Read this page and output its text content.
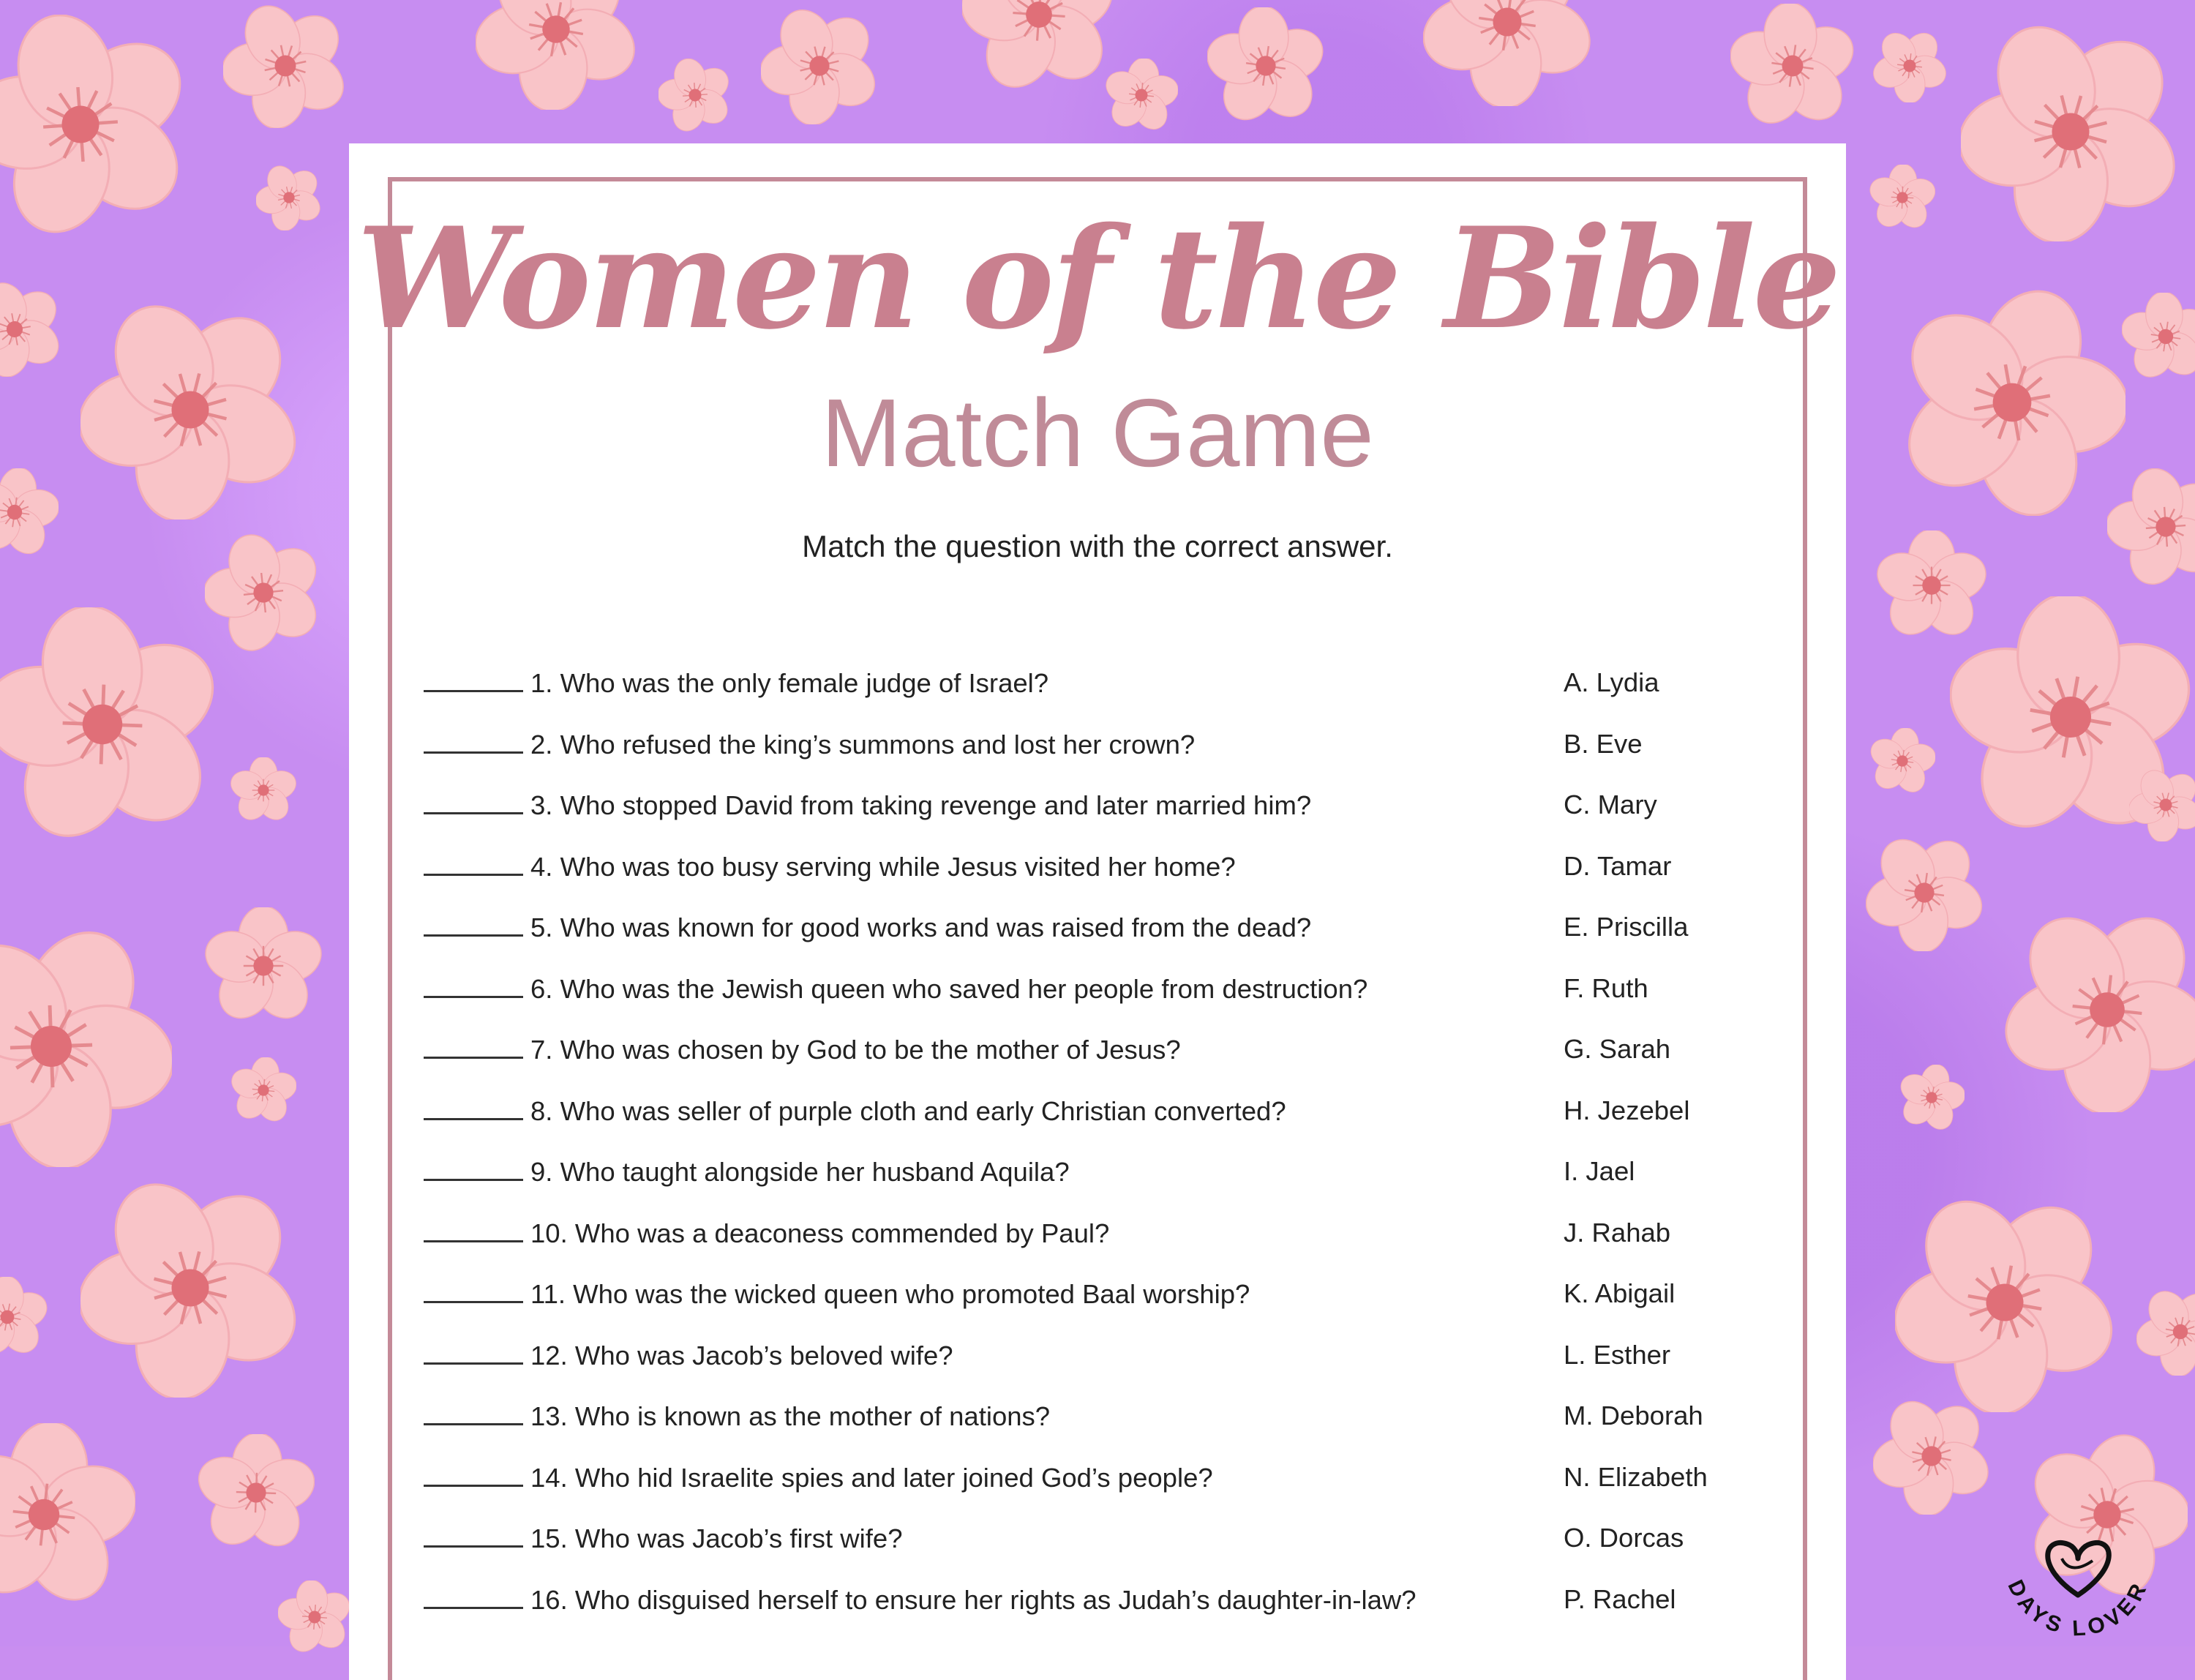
Women of the Bible
Match Game
Match the question with the correct answer.
1. Who was the only female judge of Israel?
2. Who refused the king’s summons and lost her crown?
3. Who stopped David from taking revenge and later married him?
4. Who was too busy serving while Jesus visited her home?
5. Who was known for good works and was raised from the dead?
6. Who was the Jewish queen who saved her people from destruction?
7. Who was chosen by God to be the mother of Jesus?
8. Who was seller of purple cloth and early Christian converted?
9. Who taught alongside her husband Aquila?
10. Who was a deaconess commended by Paul?
11. Who was the wicked queen who promoted Baal worship?
12. Who was Jacob’s beloved wife?
13. Who is known as the mother of nations?
14. Who hid Israelite spies and later joined God’s people?
15. Who was Jacob’s first wife?
16. Who disguised herself to ensure her rights as Judah’s daughter-in-law?
A. Lydia
B. Eve
C. Mary
D. Tamar
E. Priscilla
F. Ruth
G. Sarah
H. Jezebel
I. Jael
J. Rahab
K. Abigail
L. Esther
M. Deborah
N. Elizabeth
O. Dorcas
P. Rachel	DAYS LOVER
